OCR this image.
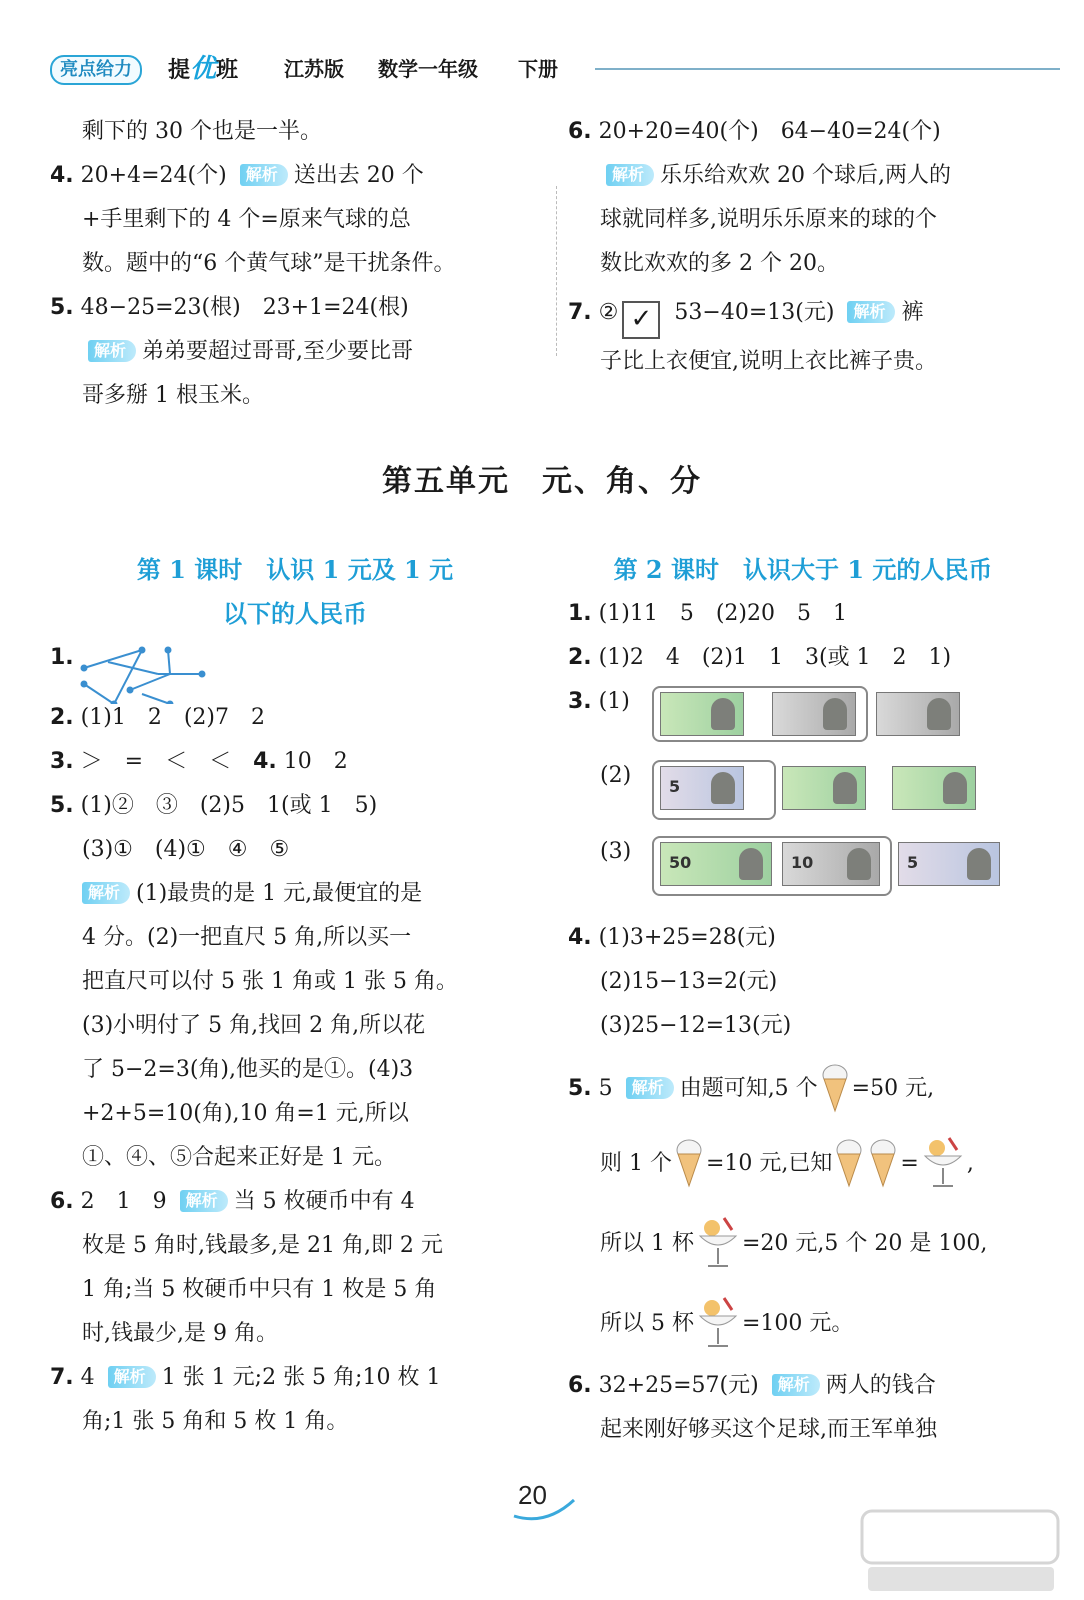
亮点给力	提优班 江苏版 数学一年级 下册
剩下的 30 个也是一半。
4. 20+4=24(个) 解析 送出去 20 个
+手里剩下的 4 个=原来气球的总
数。题中的“6 个黄气球”是干扰条件。
5. 48−25=23(根)　23+1=24(根)
解析 弟弟要超过哥哥,至少要比哥
哥多掰 1 根玉米。
6. 20+20=40(个)　64−40=24(个)
解析 乐乐给欢欢 20 个球后,两人的
球就同样多,说明乐乐原来的球的个
数比欢欢的多 2 个 20。
7. ② ✓ 53−40=13(元) 解析 裤
子比上衣便宜,说明上衣比裤子贵。
第五单元　元、角、分
第 1 课时　认识 1 元及 1 元
以下的人民币
1.
2. (1)1　2　(2)7　2
3. ＞　=　＜　＜　 4. 10　2
5. (1)②　③　(2)5　1(或 1　5)
(3)①　(4)①　④　⑤
解析 (1)最贵的是 1 元,最便宜的是
4 分。(2)一把直尺 5 角,所以买一
把直尺可以付 5 张 1 角或 1 张 5 角。
(3)小明付了 5 角,找回 2 角,所以花
了 5−2=3(角),他买的是①。(4)3
+2+5=10(角),10 角=1 元,所以
①、④、⑤合起来正好是 1 元。
6. 2　1　9 解析 当 5 枚硬币中有 4
枚是 5 角时,钱最多,是 21 角,即 2 元
1 角;当 5 枚硬币中只有 1 枚是 5 角
时,钱最少,是 9 角。
7. 4 解析 1 张 1 元;2 张 5 角;10 枚 1
角;1 张 5 角和 5 枚 1 角。
第 2 课时　认识大于 1 元的人民币
1. (1)11　5　(2)20　5　1
2. (1)2　4　(2)1　1　3(或 1　2　1)
3. (1)
(2) 5
(3) 50	10	5
4. (1)3+25=28(元)
(2)15−13=2(元)
(3)25−12=13(元)
5. 5 解析 由题可知,5 个 =50 元,
则 1 个 =10 元,已知	= ,
所以 1 杯 =20 元,5 个 20 是 100,
所以 5 杯 =100 元。
6. 32+25=57(元) 解析 两人的钱合
起来刚好够买这个足球,而王军单独
20
